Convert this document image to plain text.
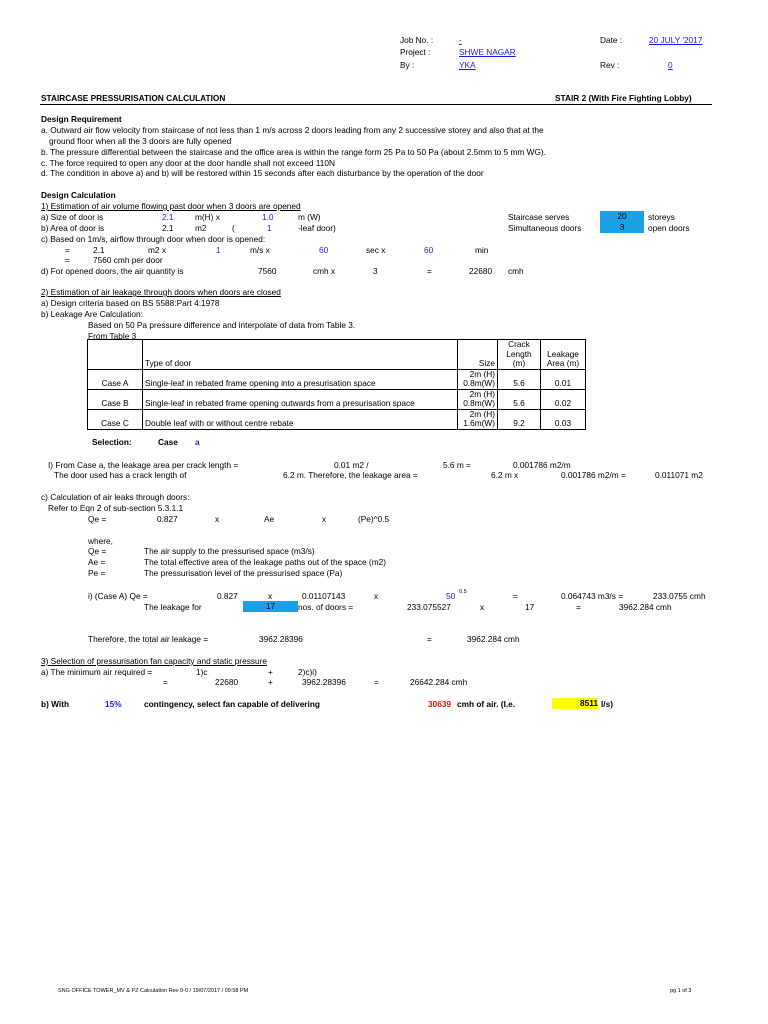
Job No. :	-
Project :	SHWE NAGAR
By :	YKA
Date :	20 JULY '2017
Rev :	0
STAIRCASE PRESSURISATION CALCULATION	STAIR 2 (With Fire Fighting Lobby)
Design Requirement
a. Outward air flow velocity from staircase of not less than 1 m/s across 2 doors leading from any 2 successive storey and also that at the
ground floor when all the 3 doors are fully opened
b. The pressure differential between the staircase and the office area is within the range form 25 Pa to 50 Pa (about 2.5mm to 5 mm WG).
c. The force required to open any door at the door handle shall not exceed 110N
d. The condition in above a) and b) will be restored within 15 seconds after each disturbance by the operation of the door
Design Calculation
1) Estimation of air volume flowing past door when 3 doors are opened
a) Size of door is	2.1	m(H) x	1.0	m (W)
b) Area of door is	2.1	m2	(	1	-leaf door)
c) Based on 1m/s, airflow through door when door is opened:
=	2.1	m2 x	1	m/s x	60	sec x	60	min
=	7560 cmh per door
d) For opened doors, the air quantity is	7560	cmh x	3	=	22680 cmh
Staircase serves	20	storeys
Simultaneous doors	3	open doors
2) Estimation of air leakage through doors when doors are closed
a) Design criteria based on BS 5588:Part 4:1978
b) Leakage Are Calculation:
Based on 50 Pa pressure difference and interpolate of data from Table 3.
From Table 3
	Type of door	Size	Crack Length (m)	Leakage Area (m)
Case A	Single-leaf in rebated frame opening into a presurisation space	2m (H)
0.8m(W)	5.6	0.01
Case B	Single-leaf in rebated frame opening outwards from a presurisation space	2m (H)
0.8m(W)	5.6	0.02
Case C	Double leaf with or without centre rebate	2m (H)
1.6m(W)	9.2	0.03
Selection:	Case a
I) From Case a, the leakage area per crack length =	0.01 m2 /	5.6 m =	0.001786 m2/m
The door used has a crack length of	6.2 m. Therefore, the leakage area =	6.2 m x	0.001786 m2/m =	0.011071 m2
c) Calculation of air leaks through doors:
Refer to Eqn 2 of sub-section 5.3.1.1
Qe =	0.827	x	Ae	x	(Pe)^0.5
where,
Qe =	The air supply to the pressurised space (m3/s)
Ae =	The total effective area of the leakage paths out of the space (m2)
Pe =	The pressurisation level of the pressurised space (Pa)
i) (Case A) Qe =	0.827	x	0.01107143	x	50 0.5	=	0.064743 m3/s =	233.0755 cmh
The leakage for	17	nos. of doors =	233.075527	x	17	=	3962.284 cmh
Therefore, the total air leakage =	3962.28396	=	3962.284 cmh
3) Selection of pressurisation fan capacity and static pressure
a) The minimum air required =	1)c	+	2)c)i)
=	22680	+	3962.28396	=	26642.284 cmh
b) With	15%	contingency, select fan capable of delivering	30639 cmh of air. (I.e.	8511 l/s)
SNG OFFICE TOWER_MV & PZ Calculation Rev 0-0 / 19/07/2017 / 09:58 PM	pg 1 of 3
